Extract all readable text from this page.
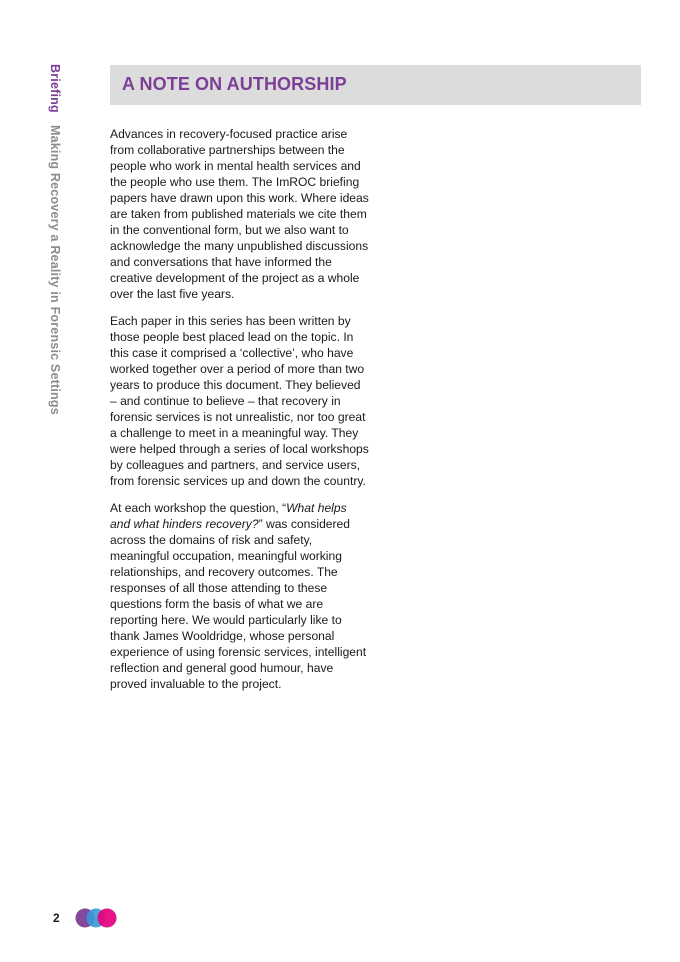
Briefing Making Recovery a Reality in Forensic Settings
A NOTE ON AUTHORSHIP

Advances in recovery-focused practice arise from collaborative partnerships between the people who work in mental health services and the people who use them. The ImROC briefing papers have drawn upon this work. Where ideas are taken from published materials we cite them in the conventional form, but we also want to acknowledge the many unpublished discussions and conversations that have informed the creative development of the project as a whole over the last five years.

Each paper in this series has been written by those people best placed lead on the topic. In this case it comprised a ‘collective’, who have worked together over a period of more than two years to produce this document. They believed – and continue to believe – that recovery in forensic services is not unrealistic, nor too great a challenge to meet in a meaningful way. They were helped through a series of local workshops by colleagues and partners, and service users, from forensic services up and down the country.

At each workshop the question, “What helps and what hinders recovery?” was considered across the domains of risk and safety, meaningful occupation, meaningful working relationships, and recovery outcomes. The responses of all those attending to these questions form the basis of what we are reporting here. We would particularly like to thank James Wooldridge, whose personal experience of using forensic services, intelligent reflection and general good humour, have proved invaluable to the project.

2
